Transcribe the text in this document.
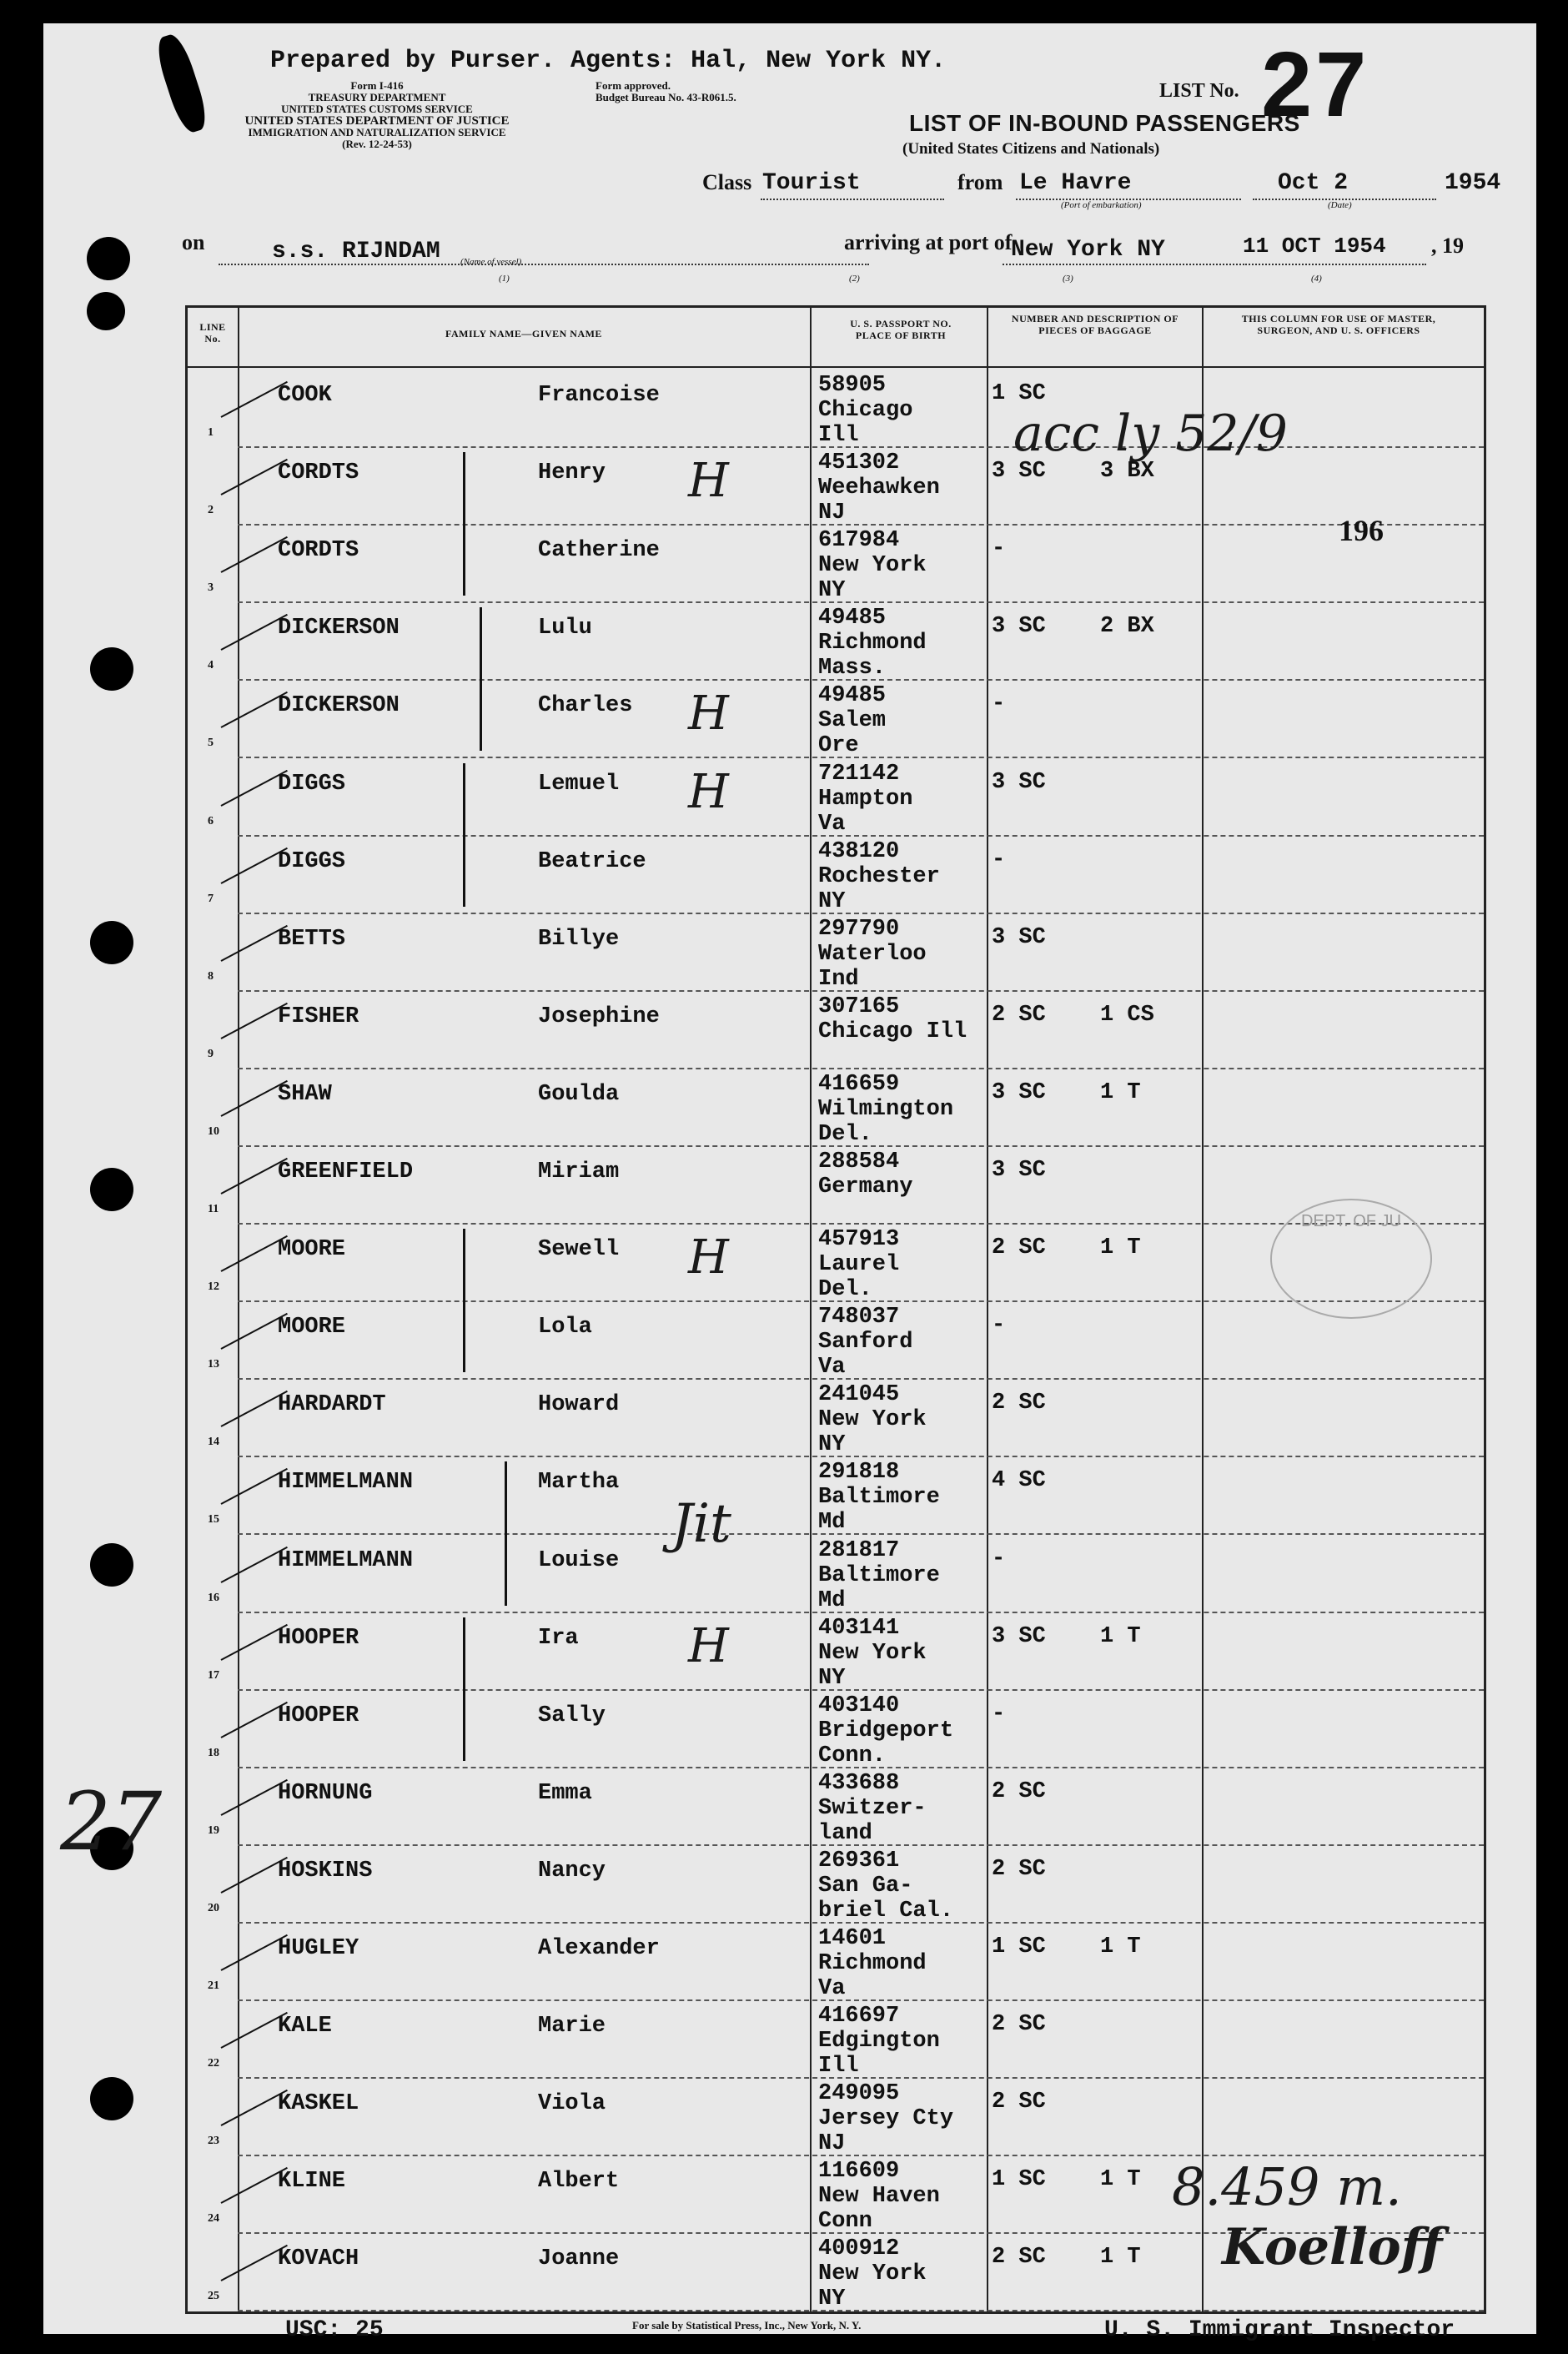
Prepared by Purser. Agents: Hal, New York NY.
Form I-416
TREASURY DEPARTMENT
UNITED STATES CUSTOMS SERVICE
UNITED STATES DEPARTMENT OF JUSTICE
IMMIGRATION AND NATURALIZATION SERVICE
(Rev. 12-24-53)
Form approved.
Budget Bureau No. 43-R061.5.	LIST No. 27
LIST OF IN-BOUND PASSENGERS
(United States Citizens and Nationals)
Class Tourist	from Le Havre
(Port of embarkation)
Oct 2
(Date)
1954
on	s.s. RIJNDAM (Name of vessel)
arriving at port of
New York NY	11 OCT 1954 , 19
(1)	(2)	(3)	(4)
LINE No.	FAMILY NAME—GIVEN NAME
U. S. PASSPORT NO. PLACE OF BIRTH
NUMBER AND DESCRIPTION OF PIECES OF BAGGAGE
THIS COLUMN FOR USE OF MASTER, SURGEON, AND U. S. OFFICERS
1
COOK	Francoise	58905
Chicago
Ill
1 SC
2
CORDTS	Henry	451302
Weehawken
NJ
3 SC 3 BX
H
3
CORDTS	Catherine	617984
New York
NY
-
4
DICKERSON	Lulu	49485
Richmond
Mass.
3 SC 2 BX
5
DICKERSON	Charles	49485
Salem
Ore
-
H
6
DIGGS	Lemuel	721142
Hampton
Va
3 SC
H
7
DIGGS	Beatrice	438120
Rochester
NY
-
8
BETTS	Billye	297790
Waterloo
Ind
3 SC
9
FISHER	Josephine	307165
Chicago Ill
2 SC 1 CS
10
SHAW	Goulda	416659
Wilmington
Del.
3 SC 1 T
11
GREENFIELD	Miriam	288584
Germany
3 SC
12
MOORE	Sewell	457913
Laurel
Del.
2 SC 1 T
H
13
MOORE	Lola	748037
Sanford
Va
-
14
HARDARDT	Howard	241045
New York
NY
2 SC
15
HIMMELMANN	Martha	291818
Baltimore
Md
4 SC
16
HIMMELMANN	Louise	281817
Baltimore
Md
-
Jit
17
HOOPER	Ira	403141
New York
NY
3 SC 1 T
H
18
HOOPER	Sally	403140
Bridgeport
Conn.
-
19
HORNUNG	Emma	433688
Switzer-
land
2 SC
20
HOSKINS	Nancy	269361
San Ga-
briel Cal.
2 SC
21
HUGLEY	Alexander	14601
Richmond
Va
1 SC 1 T
22
KALE	Marie	416697
Edgington
Ill
2 SC
23
KASKEL	Viola	249095
Jersey Cty
NJ
2 SC
24
KLINE	Albert	116609
New Haven
Conn
1 SC 1 T
25
KOVACH	Joanne	400912
New York
NY
2 SC 1 T
acc ly 52/9
196
DEPT. OF JU
8.459 m.
Koelloff
27
USC: 25	For sale by Statistical Press, Inc., New York, N. Y.	U. S. Immigrant Inspector
